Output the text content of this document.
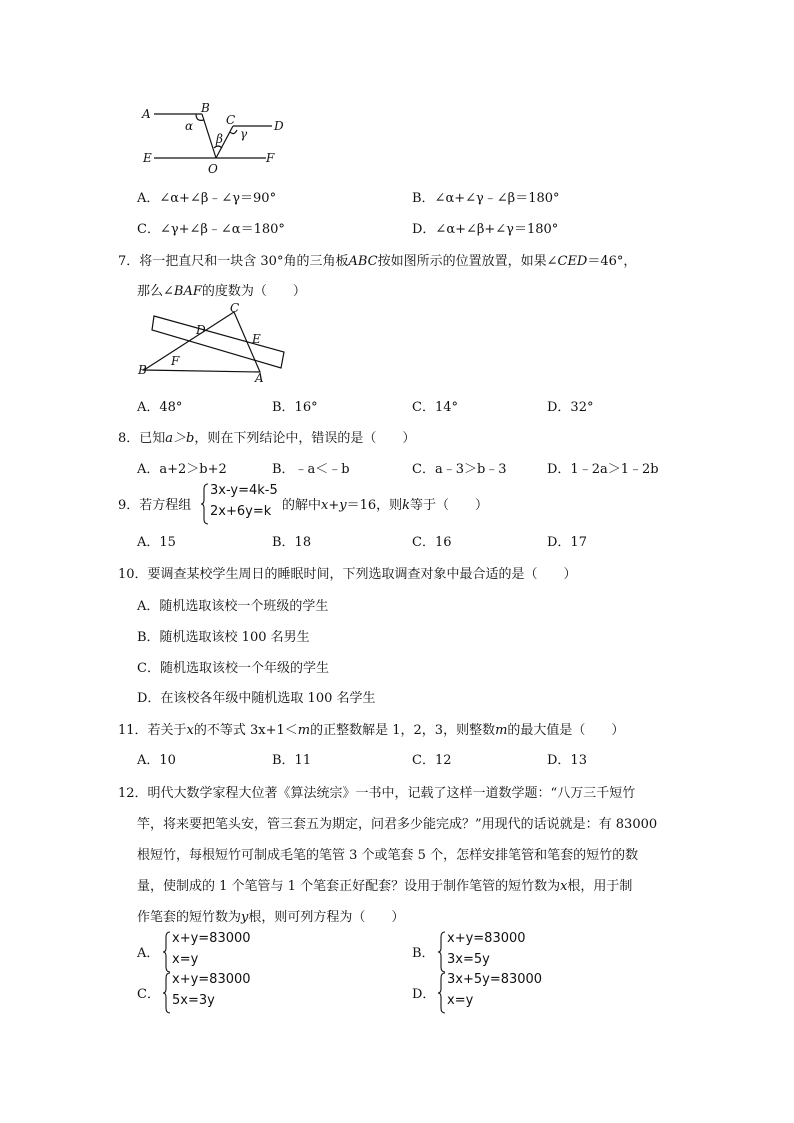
A	B
C	D
E	F
O
α
β γ
A．∠α+∠β﹣∠γ＝90°	B．∠α+∠γ﹣∠β＝180°
C．∠γ+∠β﹣∠α＝180°	D．∠α+∠β+∠γ＝180°
7．将一把直尺和一块含 30°角的三角板ABC按如图所示的位置放置，如果∠CED＝46°，
那么∠BAF的度数为（　　）
C
D
E
F
B
A
A．48°	B．16°	C．14°	D．32°
8．已知a＞b，则在下列结论中，错误的是（　　）
A．a+2＞b+2	B．﹣a＜﹣b	C．a﹣3＞b﹣3	D．1﹣2a＞1﹣2b
9．若方程组
3x-y=4k-5
2x+6y=k 的解中x+y＝16，则k等于（　　）
A．15	B．18	C．16	D．17
10．要调查某校学生周日的睡眠时间，下列选取调查对象中最合适的是（　　）
A．随机选取该校一个班级的学生
B．随机选取该校 100 名男生
C．随机选取该校一个年级的学生
D．在该校各年级中随机选取 100 名学生
11．若关于x的不等式 3x+1＜m的正整数解是 1，2，3，则整数m的最大值是（　　）
A．10	B．11	C．12	D．13
12．明代大数学家程大位著《算法统宗》一书中，记载了这样一道数学题：“八万三千短竹
竿，将来要把笔头安，管三套五为期定，问君多少能完成？”用现代的话说就是：有 83000
根短竹，每根短竹可制成毛笔的笔管 3 个或笔套 5 个，怎样安排笔管和笔套的短竹的数
量，使制成的 1 个笔管与 1 个笔套正好配套？设用于制作笔管的短竹数为x根，用于制
作笔套的短竹数为y根，则可列方程为（　　）
A．
x+y=83000
x=y	B．
x+y=83000
3x=5y
C．
x+y=83000
5x=3y	D．
3x+5y=83000
x=y
